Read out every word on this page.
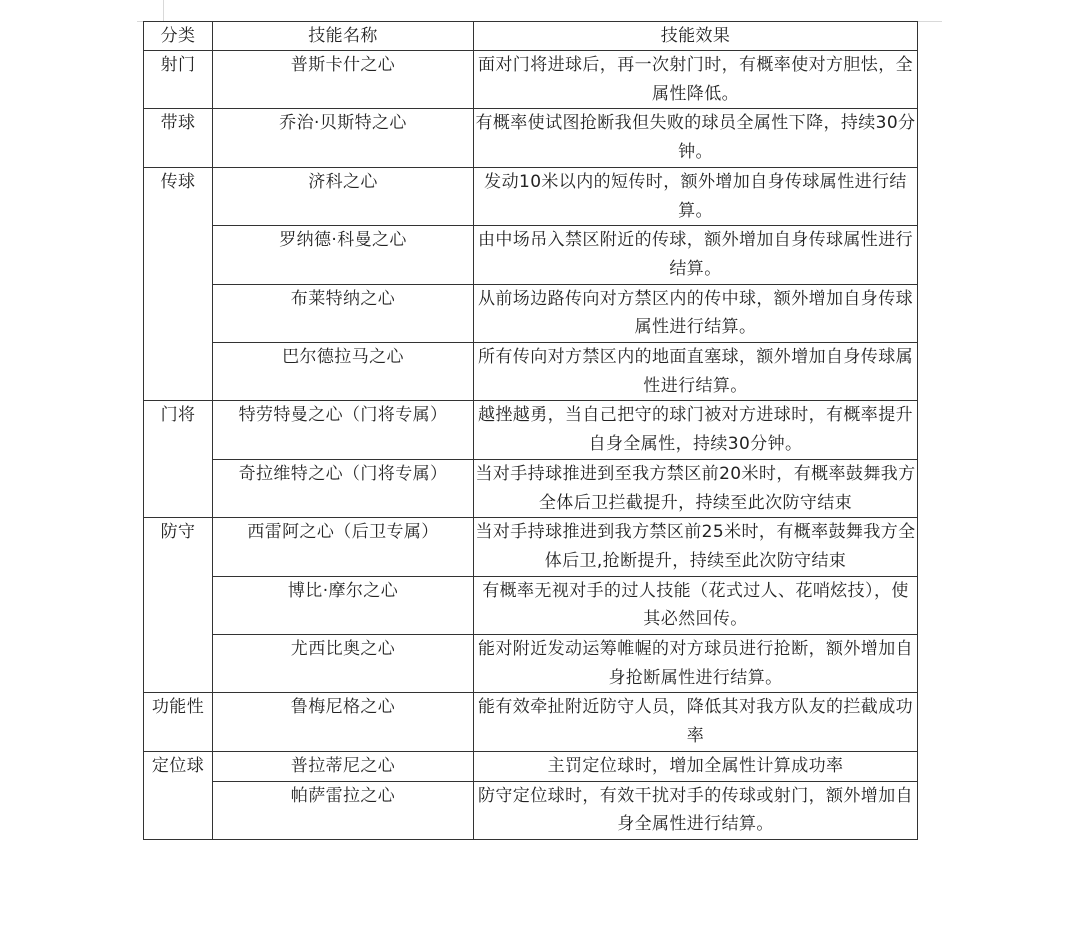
分类	技能名称	技能效果
射门	普斯卡什之心	面对门将进球后，再一次射门时，有概率使对方胆怯，全属性降低。
带球	乔治·贝斯特之心	有概率使试图抢断我但失败的球员全属性下降，持续30分钟。
传球	济科之心	发动10米以内的短传时，额外增加自身传球属性进行结算。
	罗纳德·科曼之心	由中场吊入禁区附近的传球，额外增加自身传球属性进行结算。
	布莱特纳之心	从前场边路传向对方禁区内的传中球，额外增加自身传球属性进行结算。
	巴尔德拉马之心	所有传向对方禁区内的地面直塞球，额外增加自身传球属性进行结算。
门将	特劳特曼之心（门将专属）	越挫越勇，当自己把守的球门被对方进球时，有概率提升自身全属性，持续30分钟。
	奇拉维特之心（门将专属）	当对手持球推进到至我方禁区前20米时，有概率鼓舞我方全体后卫拦截提升，持续至此次防守结束
防守	西雷阿之心（后卫专属）	当对手持球推进到我方禁区前25米时，有概率鼓舞我方全体后卫,抢断提升，持续至此次防守结束
	博比·摩尔之心	有概率无视对手的过人技能（花式过人、花哨炫技），使其必然回传。
	尤西比奥之心	能对附近发动运筹帷幄的对方球员进行抢断，额外增加自身抢断属性进行结算。
功能性	鲁梅尼格之心	能有效牵扯附近防守人员，降低其对我方队友的拦截成功率
定位球	普拉蒂尼之心	主罚定位球时，增加全属性计算成功率
	帕萨雷拉之心	防守定位球时，有效干扰对手的传球或射门，额外增加自身全属性进行结算。
